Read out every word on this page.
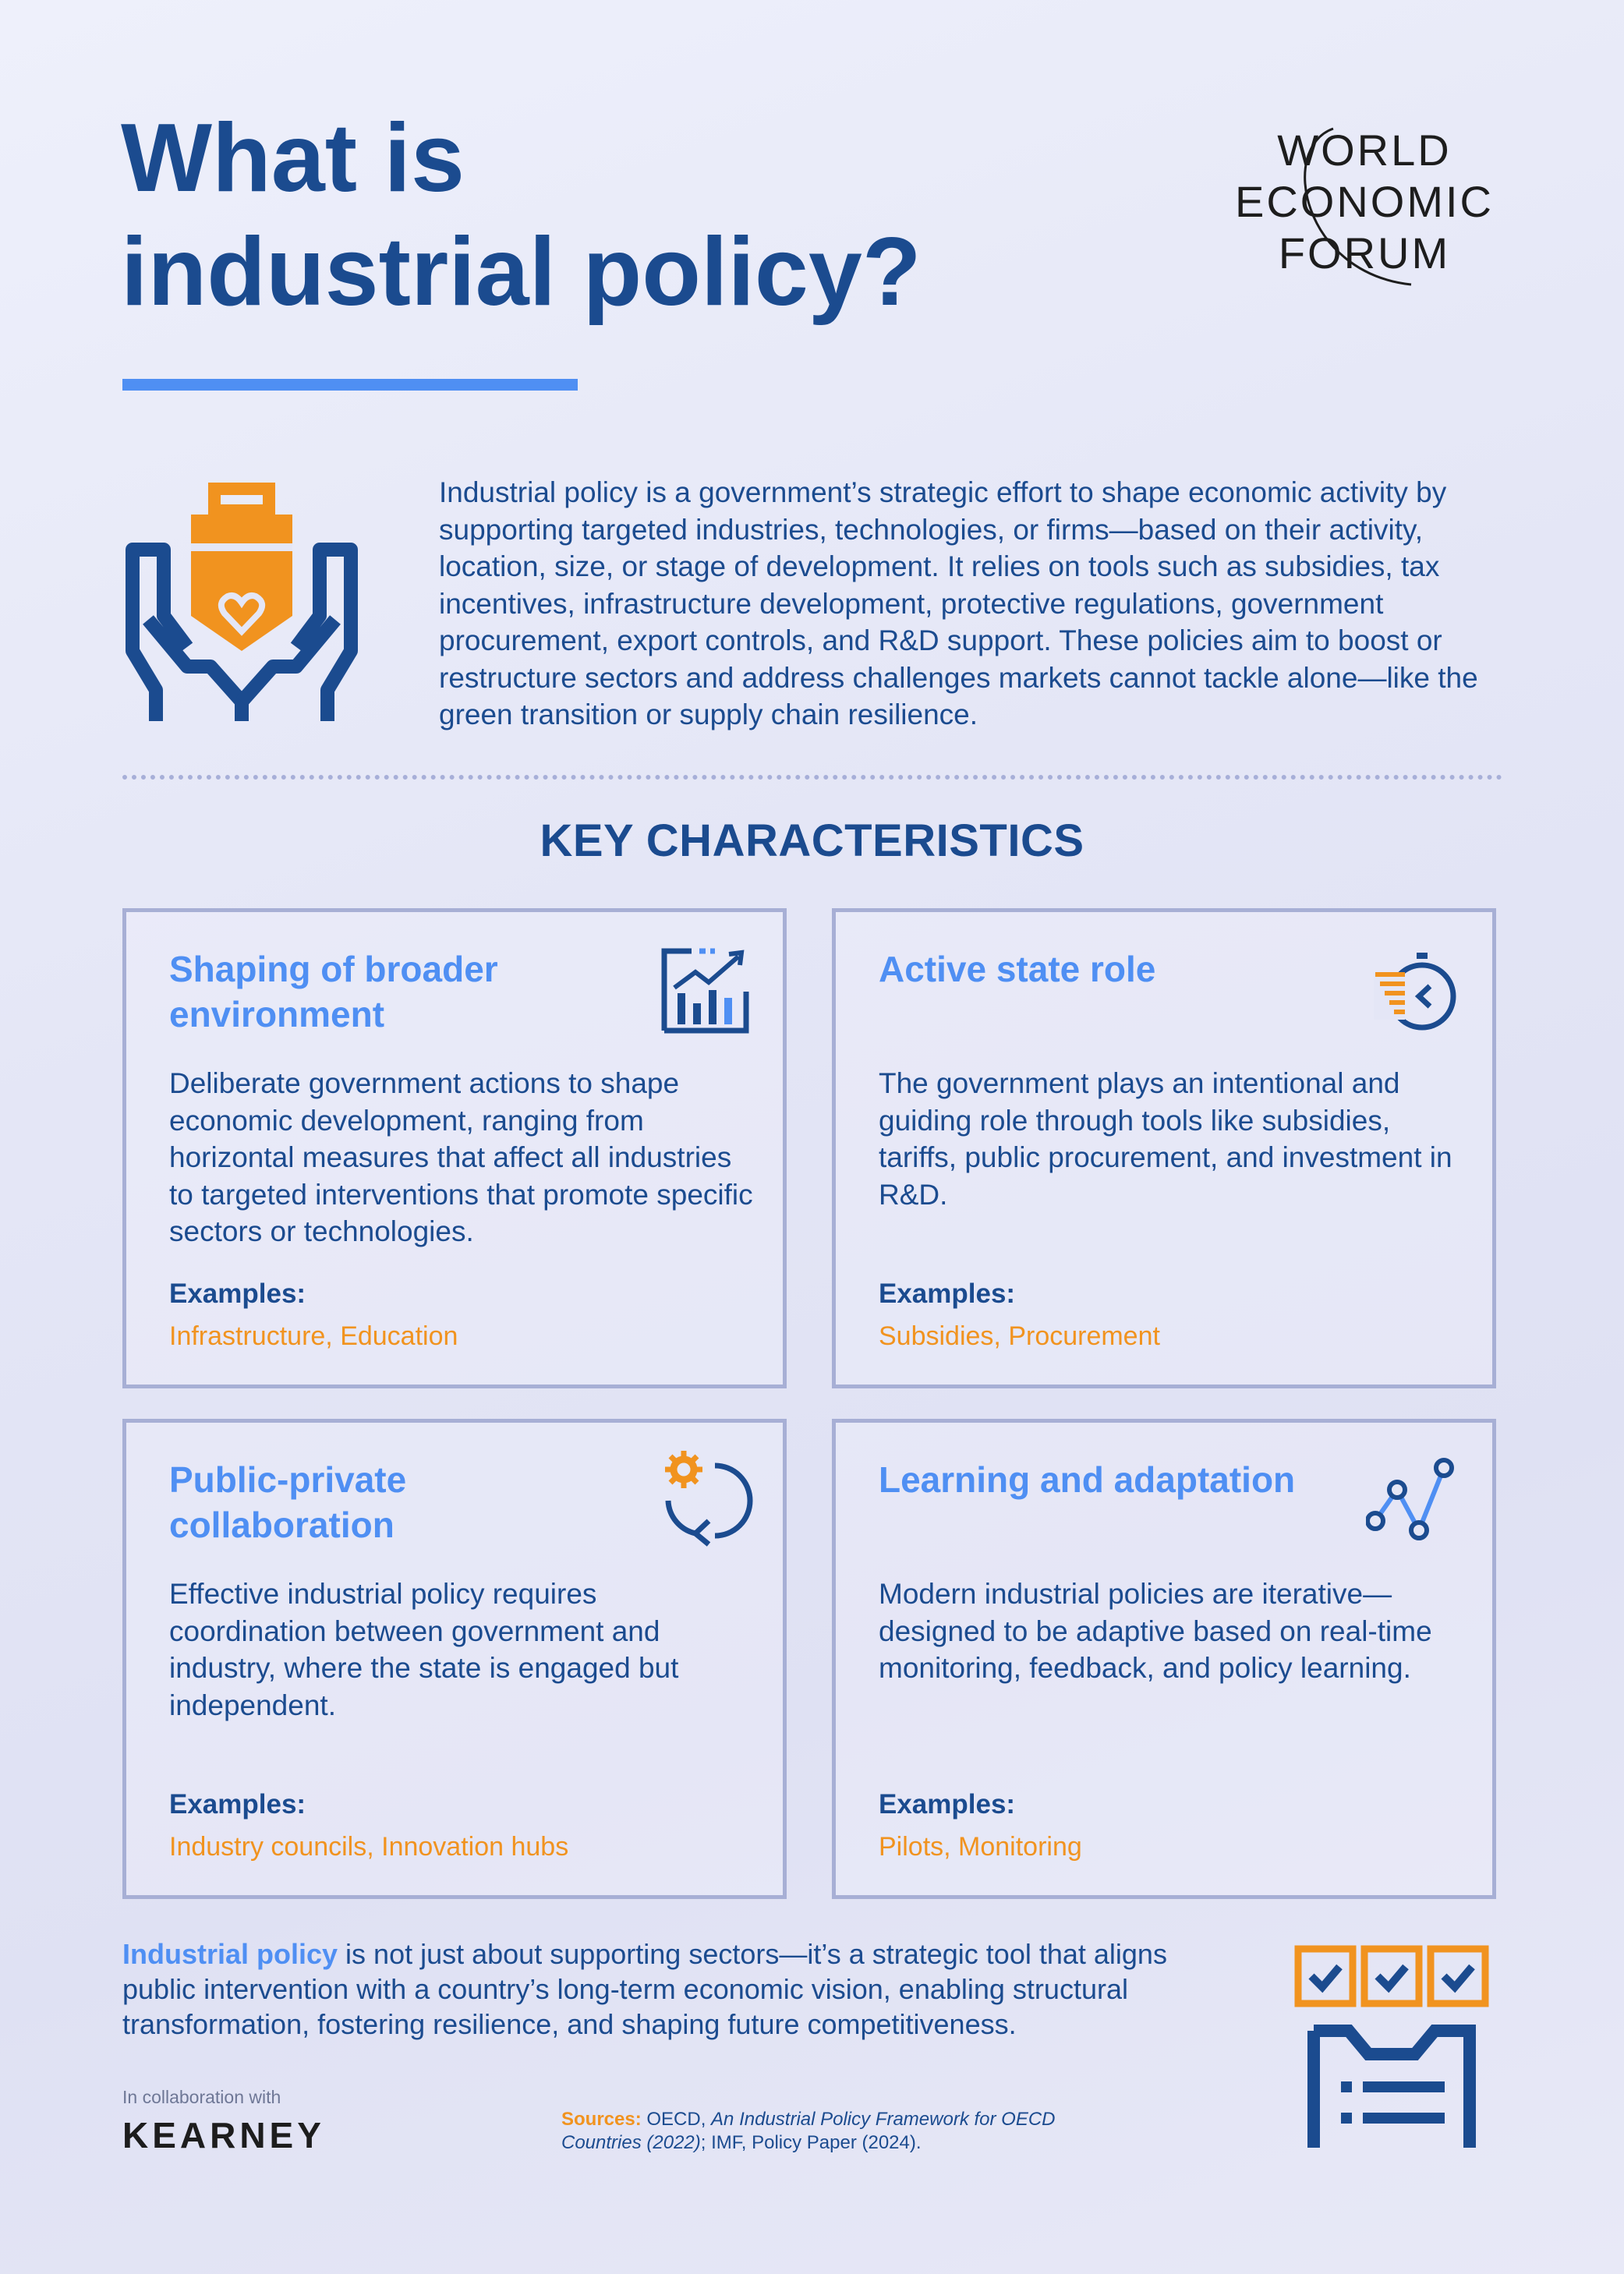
What is
industrial policy?
WORLD
ECONOMIC
FORUM
Industrial policy is a government’s strategic effort to shape economic activity by supporting targeted industries, technologies, or firms—based on their activity, location, size, or stage of development. It relies on tools such as subsidies, tax incentives, infrastructure development, protective regulations, government procurement, export controls, and R&D support. These policies aim to boost or restructure sectors and address challenges markets cannot tackle alone—like the green transition or supply chain resilience.
KEY CHARACTERISTICS
Shaping of broader environment
Deliberate government actions to shape economic development, ranging from horizontal measures that affect all industries to targeted interventions that promote specific sectors or technologies.
Examples:
Infrastructure, Education
Active state role
The government plays an intentional and guiding role through tools like subsidies, tariffs, public procurement, and investment in R&D.
Examples:
Subsidies, Procurement
Public-private collaboration
Effective industrial policy requires coordination between government and industry, where the state is engaged but independent.
Examples:
Industry councils, Innovation hubs
Learning and adaptation
Modern industrial policies are iterative—designed to be adaptive based on real-time monitoring, feedback, and policy learning.
Examples:
Pilots, Monitoring
Industrial policy is not just about supporting sectors—it’s a strategic tool that aligns public intervention with a country’s long-term economic vision, enabling structural transformation, fostering resilience, and shaping future competitiveness.
In collaboration with
KEARNEY	Sources: OECD, An Industrial Policy Framework for OECD Countries (2022); IMF, Policy Paper (2024).
